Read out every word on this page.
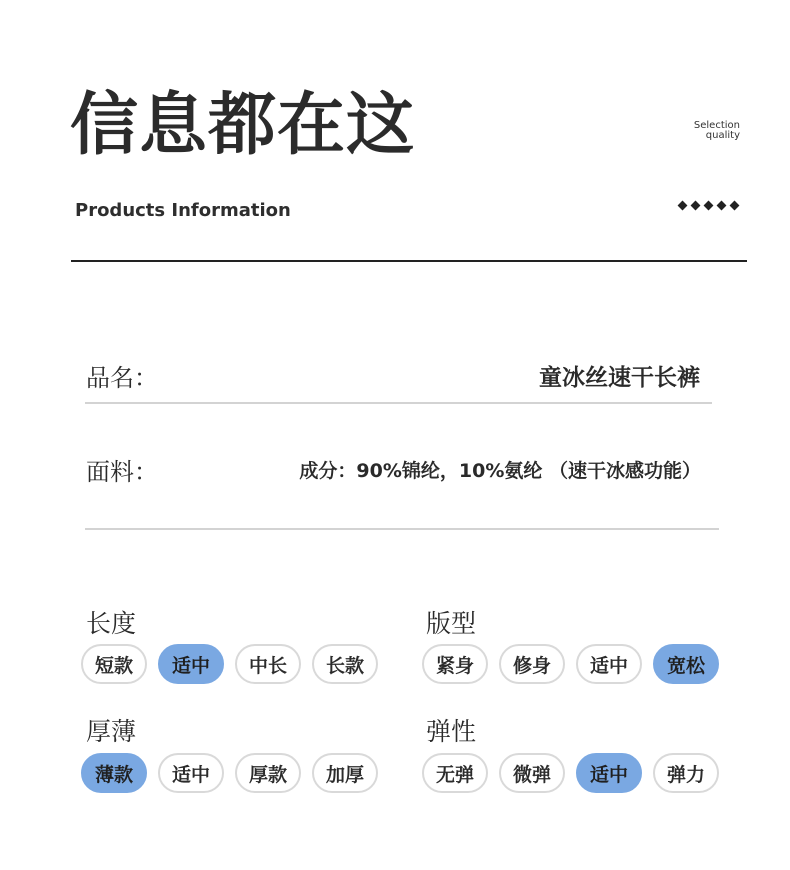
信息都在这
Products Information
Selection
quality
品名：	童冰丝速干长裤
面料：	成分：90%锦纶，10%氨纶 （速干冰感功能）
长度
短款	适中	中长	长款
版型
紧身	修身	适中	宽松
厚薄
薄款	适中	厚款	加厚
弹性
无弹	微弹	适中	弹力
